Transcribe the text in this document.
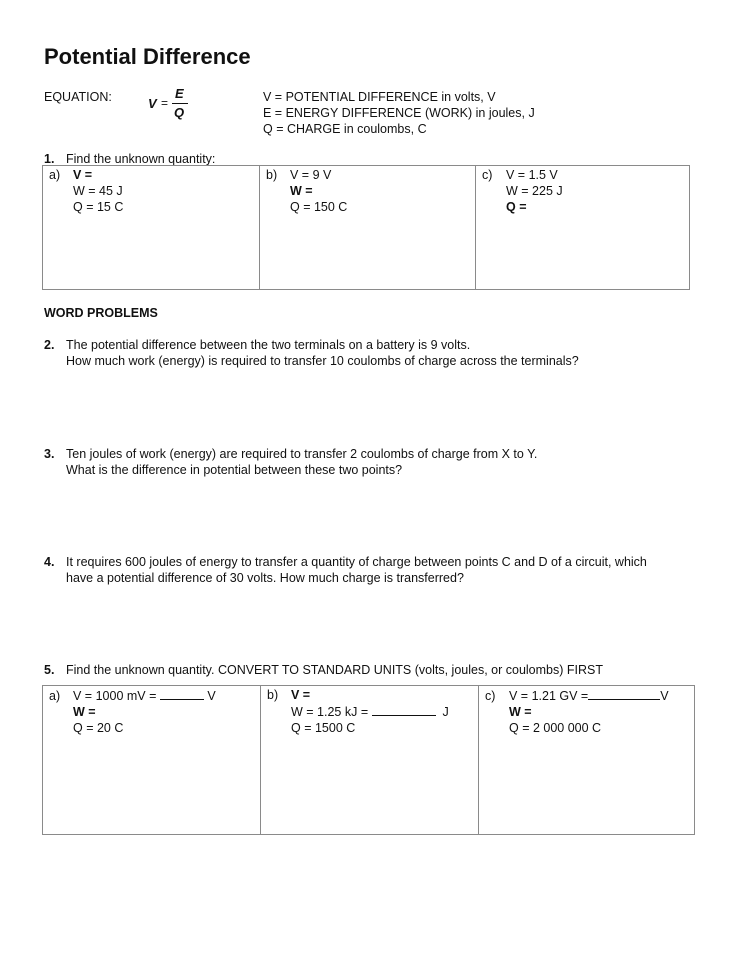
Potential Difference
EQUATION:	V =
E
Q
V = POTENTIAL DIFFERENCE in volts, V
E = ENERGY DIFFERENCE (WORK) in joules, J
Q = CHARGE in coulombs, C
1. Find the unknown quantity:
a) V =
W = 45 J
Q = 15 C

b) V = 9 V
W =
Q = 150 C

c) V = 1.5 V
W = 225 J
Q =
WORD PROBLEMS
2. The potential difference between the two terminals on a battery is 9 volts.
How much work (energy) is required to transfer 10 coulombs of charge across the terminals?
3. Ten joules of work (energy) are required to transfer 2 coulombs of charge from X to Y.
What is the difference in potential between these two points?
4. It requires 600 joules of energy to transfer a quantity of charge between points C and D of a circuit, which
have a potential difference of 30 volts. How much charge is transferred?
5. Find the unknown quantity. CONVERT TO STANDARD UNITS (volts, joules, or coulombs) FIRST
a) V = 1000 mV =	V
W =
Q = 20 C

b) V =
W = 1.25 kJ =	J
Q = 1500 C

c) V = 1.21 GV =	V
W =
Q = 2 000 000 C
